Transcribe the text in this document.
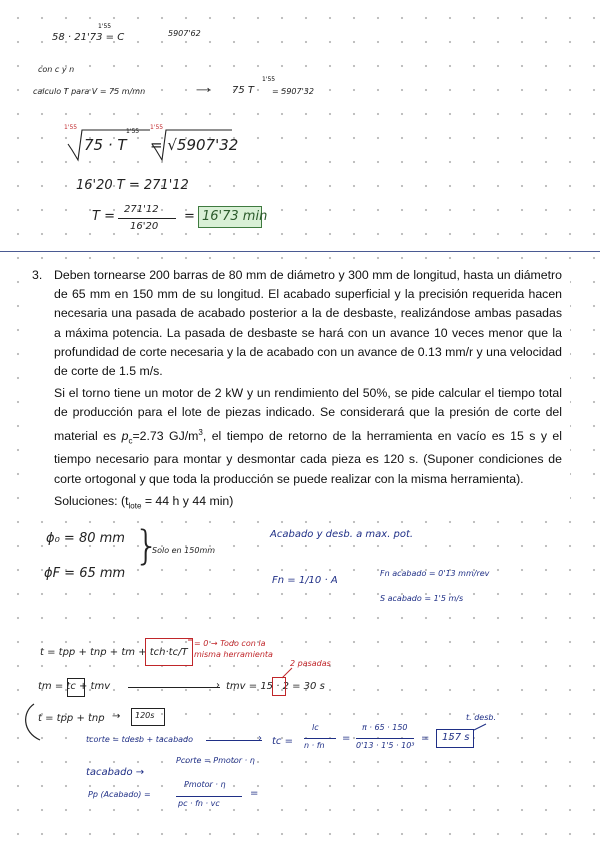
58 · 21'73 = C
1'55
5907'62
con c y n
calculo T para V = 75 m/mn	⟶ 75 T
1'55
= 5907'32
1'55
75 · T
1'55
1'55
= √5907'32
16'20 T = 271'12
T = 271'12
16'20
= 16'73 min
3. Deben tornearse 200 barras de 80 mm de diámetro y 300 mm de longitud, hasta un diámetro de 65 mm en 150 mm de su longitud. El acabado superficial y la precisión requerida hacen necesaria una pasada de acabado posterior a la de desbaste, realizándose ambas pasadas a máxima potencia. La pasada de desbaste se hará con un avance 10 veces menor que la profundidad de corte necesaria y la de acabado con un avance de 0.13 mm/r y una velocidad de corte de 1.5 m/s.

Si el torno tiene un motor de 2 kW y un rendimiento del 50%, se pide calcular el tiempo total de producción para el lote de piezas indicado. Se considerará que la presión de corte del material es $p_c=2.73$ $GJ/m^3$, el tiempo de retorno de la herramienta en vacío es 15 s y el tiempo necesario para montar y desmontar cada pieza es 120 s. (Suponer condiciones de corte ortogonal y que toda la producción se puede realizar con la misma herramienta).

Soluciones: ($t_{lote} = 44$ h y 44 min)

ϕ₀ = 80 mm
ϕF = 65 mm
}
Solo en 150mm
Acabado y desb. a max. pot.
Fn = 1/10 · A
Fn acabado = 0'13 mm/rev
S acabado = 1'5 m/s
t = tpp + tnp + tm + tch·tc/T
= 0 → Todo con la misma herramienta
tm = tc + tmv	› tmv = 15 · 2 = 30 s
2 pasadas
t = tpp + tnp → 120s
tcorte = tdesb + tacabado	› tc =
lc
n · fn
=
π · 65 · 150
0'13 · 1'5 · 10³
= 157 s
t. desb.
tacabado →
Pcorte = Pmotor · η
Pp (Acabado) =
Pmotor · η
pc · fn · vc
=
